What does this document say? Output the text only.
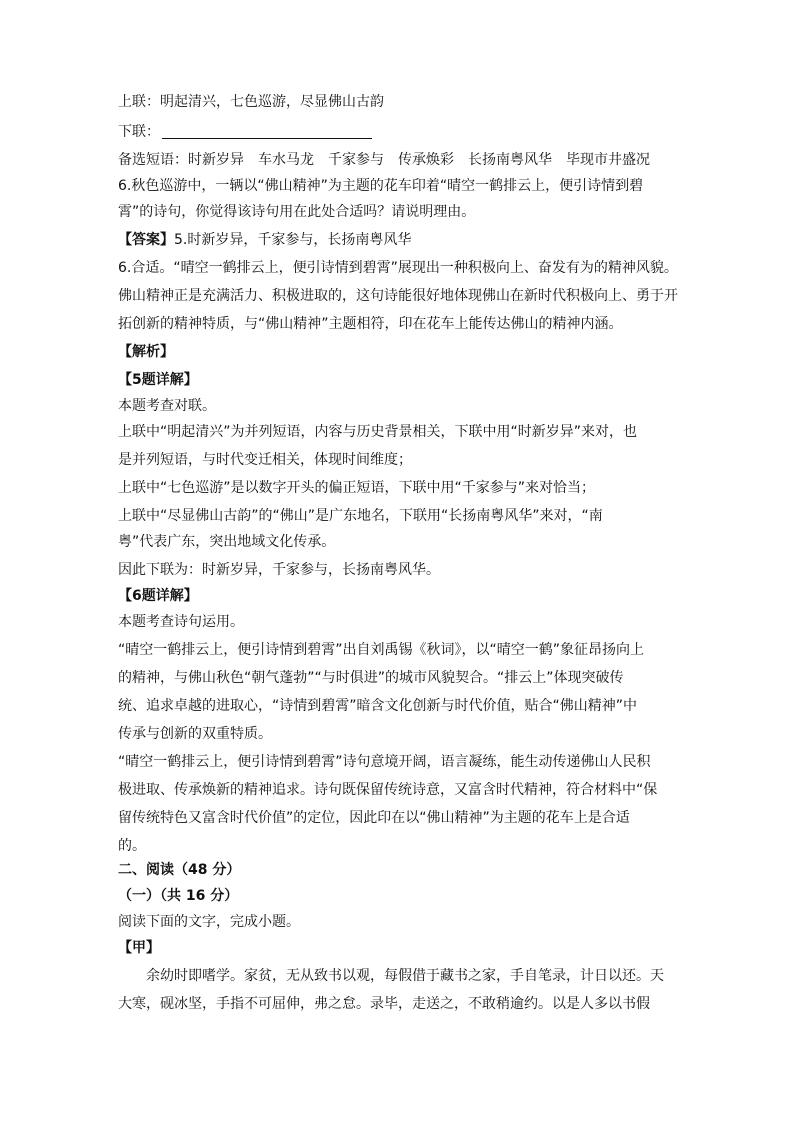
上联：明起清兴，七色巡游，尽显佛山古韵
下联：
备选短语：时新岁异 车水马龙 千家参与 传承焕彩 长扬南粤风华 毕现市井盛况
6.秋色巡游中，一辆以“佛山精神”为主题的花车印着“晴空一鹤排云上，便引诗情到碧
霄”的诗句，你觉得该诗句用在此处合适吗？请说明理由。
【答案】5.时新岁异，千家参与，长扬南粤风华
6.合适。“晴空一鹤排云上，便引诗情到碧霄”展现出一种积极向上、奋发有为的精神风貌。
佛山精神正是充满活力、积极进取的，这句诗能很好地体现佛山在新时代积极向上、勇于开
拓创新的精神特质，与“佛山精神”主题相符，印在花车上能传达佛山的精神内涵。
【解析】
【5题详解】
本题考查对联。
上联中“明起清兴”为并列短语，内容与历史背景相关，下联中用“时新岁异”来对，也
是并列短语，与时代变迁相关，体现时间维度；
上联中“七色巡游”是以数字开头的偏正短语，下联中用“千家参与”来对恰当；
上联中“尽显佛山古韵”的“佛山”是广东地名，下联用“长扬南粤风华”来对，“南
粤”代表广东，突出地域文化传承。
因此下联为：时新岁异，千家参与，长扬南粤风华。
【6题详解】
本题考查诗句运用。
“晴空一鹤排云上，便引诗情到碧霄”出自刘禹锡《秋词》，以“晴空一鹤”象征昂扬向上
的精神，与佛山秋色“朝气蓬勃”“与时俱进”的城市风貌契合。“排云上”体现突破传
统、追求卓越的进取心，“诗情到碧霄”暗含文化创新与时代价值，贴合“佛山精神”中
传承与创新的双重特质。
“晴空一鹤排云上，便引诗情到碧霄”诗句意境开阔，语言凝练，能生动传递佛山人民积
极进取、传承焕新的精神追求。诗句既保留传统诗意，又富含时代精神，符合材料中“保
留传统特色又富含时代价值”的定位，因此印在以“佛山精神”为主题的花车上是合适
的。
二、阅读（48 分）
（一）（共 16 分）
阅读下面的文字，完成小题。
【甲】
余幼时即嗜学。家贫，无从致书以观，每假借于藏书之家，手自笔录，计日以还。天
大寒，砚冰坚，手指不可屈伸，弗之怠。录毕，走送之，不敢稍逾约。以是人多以书假
